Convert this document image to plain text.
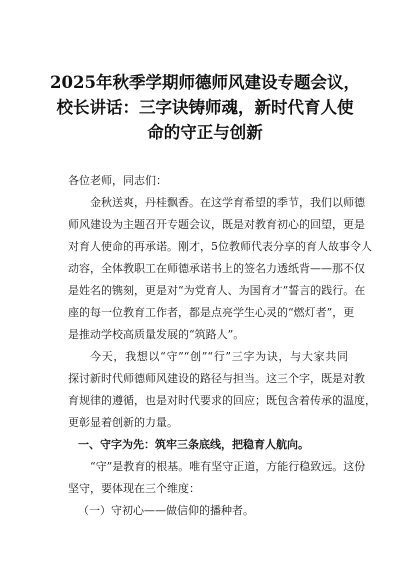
2025年秋季学期师德师风建设专题会议，
校长讲话：三字诀铸师魂，新时代育人使
命的守正与创新

各位老师，同志们：

金秋送爽，丹桂飘香。在这学育希望的季节，我们以师德
师风建设为主题召开专题会议，既是对教育初心的回望，更是
对育人使命的再承诺。刚才，5位教师代表分享的育人故事令人
动容，全体教职工在师德承诺书上的签名力透纸背——那不仅
是姓名的镌刻，更是对“为党育人、为国育才”誓言的践行。在
座的每一位教育工作者，都是点亮学生心灵的“燃灯者”，更
是推动学校高质量发展的“筑路人”。

今天，我想以“守”“创”“行”三字为诀，与大家共同
探讨新时代师德师风建设的路径与担当。这三个字，既是对教
育规律的遵循，也是对时代要求的回应；既包含着传承的温度，
更彰显着创新的力量。

一、守字为先：筑牢三条底线，把稳育人航向。

“守”是教育的根基。唯有坚守正道，方能行稳致远。这份
坚守，要体现在三个维度：

（一）守初心——做信仰的播种者。
